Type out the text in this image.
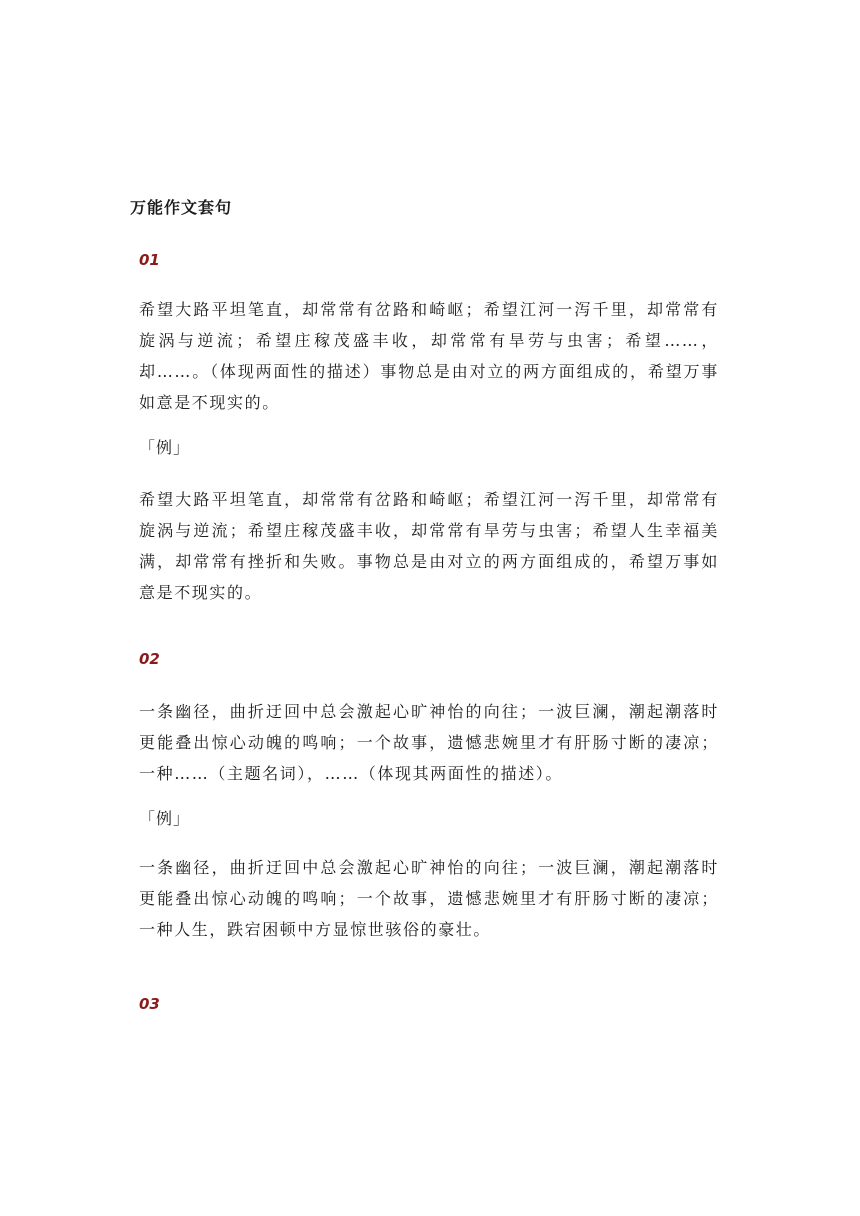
万能作文套句

01

希望大路平坦笔直，却常常有岔路和崎岖；希望江河一泻千里，却常常有旋涡与逆流；希望庄稼茂盛丰收，却常常有旱劳与虫害；希望……，却……。（体现两面性的描述）事物总是由对立的两方面组成的，希望万事如意是不现实的。

「例」

希望大路平坦笔直，却常常有岔路和崎岖；希望江河一泻千里，却常常有旋涡与逆流；希望庄稼茂盛丰收，却常常有旱劳与虫害；希望人生幸福美满，却常常有挫折和失败。事物总是由对立的两方面组成的，希望万事如意是不现实的。

02

一条幽径，曲折迂回中总会激起心旷神怡的向往；一波巨澜，潮起潮落时更能叠出惊心动魄的鸣响；一个故事，遗憾悲婉里才有肝肠寸断的凄凉；一种……（主题名词），……（体现其两面性的描述）。

「例」

一条幽径，曲折迂回中总会激起心旷神怡的向往；一波巨澜，潮起潮落时更能叠出惊心动魄的鸣响；一个故事，遗憾悲婉里才有肝肠寸断的凄凉；一种人生，跌宕困顿中方显惊世骇俗的豪壮。

03
